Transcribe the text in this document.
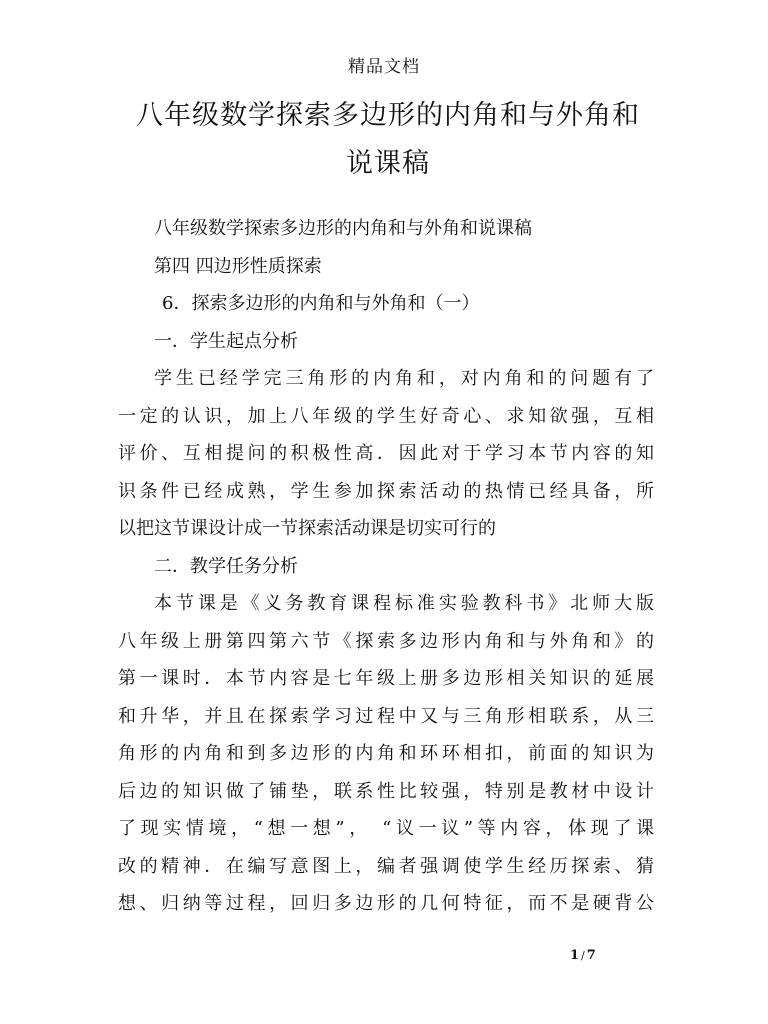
精品文档
八年级数学探索多边形的内角和与外角和
说课稿
八年级数学探索多边形的内角和与外角和说课稿
第四 四边形性质探索
6．探索多边形的内角和与外角和（一）
一．学生起点分析
学生已经学完三角形的内角和，对内角和的问题有了
一定的认识，加上八年级的学生好奇心、求知欲强，互相
评价、互相提问的积极性高．因此对于学习本节内容的知
识条件已经成熟，学生参加探索活动的热情已经具备，所
以把这节课设计成一节探索活动课是切实可行的
二．教学任务分析
本节课是《义务教育课程标准实验教科书》北师大版
八年级上册第四第六节《探索多边形内角和与外角和》的
第一课时．本节内容是七年级上册多边形相关知识的延展
和升华，并且在探索学习过程中又与三角形相联系，从三
角形的内角和到多边形的内角和环环相扣，前面的知识为
后边的知识做了铺垫，联系性比较强，特别是教材中设计
了现实情境，“想一想”， “议一议”等内容，体现了课
改的精神．在编写意图上，编者强调使学生经历探索、猜
想、归纳等过程，回归多边形的几何特征，而不是硬背公
1 / 7
